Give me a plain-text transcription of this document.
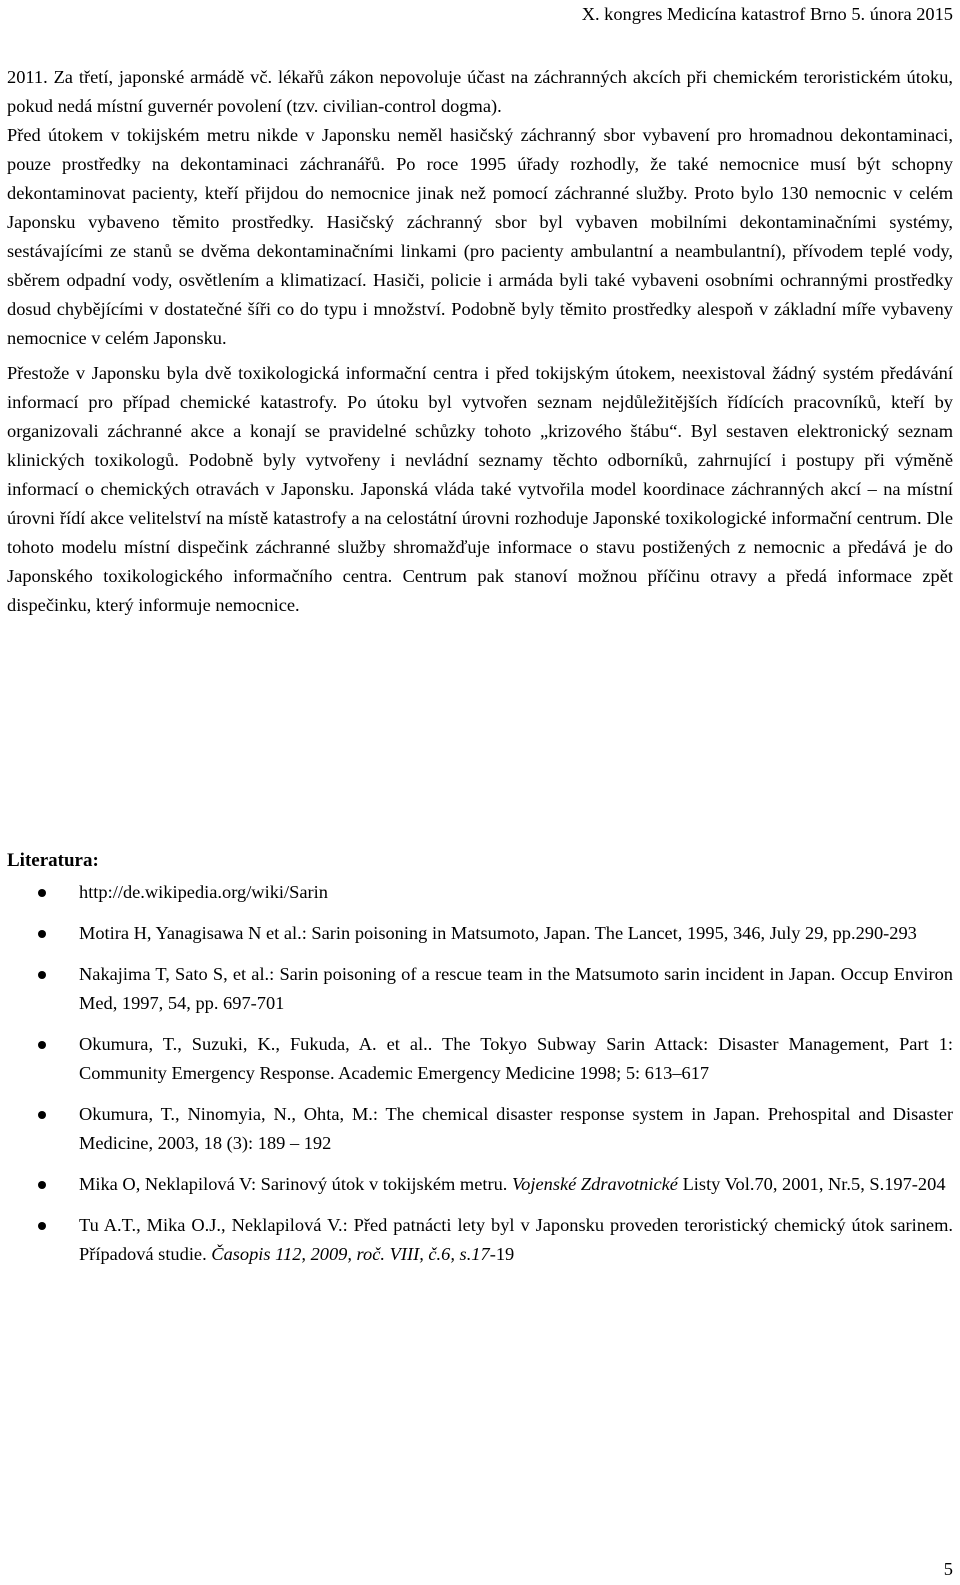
X. kongres Medicína katastrof Brno 5. února 2015

2011. Za třetí, japonské armádě vč. lékařů zákon nepovoluje účast na záchranných akcích při chemickém teroristickém útoku, pokud nedá místní guvernér povolení (tzv. civilian-control dogma).
Před útokem v tokijském metru nikde v Japonsku neměl hasičský záchranný sbor vybavení pro hromadnou dekontaminaci, pouze prostředky na dekontaminaci záchranářů. Po roce 1995 úřady rozhodly, že také nemocnice musí být schopny dekontaminovat pacienty, kteří přijdou do nemocnice jinak než pomocí záchranné služby. Proto bylo 130 nemocnic v celém Japonsku vybaveno těmito prostředky. Hasičský záchranný sbor byl vybaven mobilními dekontaminačními systémy, sestávajícími ze stanů se dvěma dekontaminačními linkami (pro pacienty ambulantní a neambulantní), přívodem teplé vody, sběrem odpadní vody, osvětlením a klimatizací. Hasiči, policie i armáda byli také vybaveni osobními ochrannými prostředky dosud chybějícími v dostatečné šíři co do typu i množství. Podobně byly těmito prostředky alespoň v základní míře vybaveny nemocnice v celém Japonsku.

Přestože v Japonsku byla dvě toxikologická informační centra i před tokijským útokem, neexistoval žádný systém předávání informací pro případ chemické katastrofy. Po útoku byl vytvořen seznam nejdůležitějších řídících pracovníků, kteří by organizovali záchranné akce a konají se pravidelné schůzky tohoto „krizového štábu“. Byl sestaven elektronický seznam klinických toxikologů. Podobně byly vytvořeny i nevládní seznamy těchto odborníků, zahrnující i postupy při výměně informací o chemických otravách v Japonsku. Japonská vláda také vytvořila model koordinace záchranných akcí – na místní úrovni řídí akce velitelství na místě katastrofy a na celostátní úrovni rozhoduje Japonské toxikologické informační centrum. Dle tohoto modelu místní dispečink záchranné služby shromažďuje informace o stavu postižených z nemocnic a předává je do Japonského toxikologického informačního centra. Centrum pak stanoví možnou příčinu otravy a předá informace zpět dispečinku, který informuje nemocnice.

Literatura:
http://de.wikipedia.org/wiki/Sarin
Motira H, Yanagisawa N et al.: Sarin poisoning in Matsumoto, Japan. The Lancet, 1995, 346, July 29, pp.290-293
Nakajima T, Sato S, et al.: Sarin poisoning of a rescue team in the Matsumoto sarin incident in Japan. Occup Environ Med, 1997, 54, pp. 697-701
Okumura, T., Suzuki, K., Fukuda, A. et al.. The Tokyo Subway Sarin Attack: Disaster Management, Part 1: Community Emergency Response. Academic Emergency Medicine 1998; 5: 613–617
Okumura, T., Ninomyia, N., Ohta, M.: The chemical disaster response system in Japan. Prehospital and Disaster Medicine, 2003, 18 (3): 189 – 192
Mika O, Neklapilová V: Sarinový útok v tokijském metru. Vojenské Zdravotnické Listy Vol.70, 2001, Nr.5, S.197-204
Tu A.T., Mika O.J., Neklapilová V.: Před patnácti lety byl v Japonsku proveden teroristický chemický útok sarinem. Případová studie. Časopis 112, 2009, roč. VIII, č.6, s.17-19
5
